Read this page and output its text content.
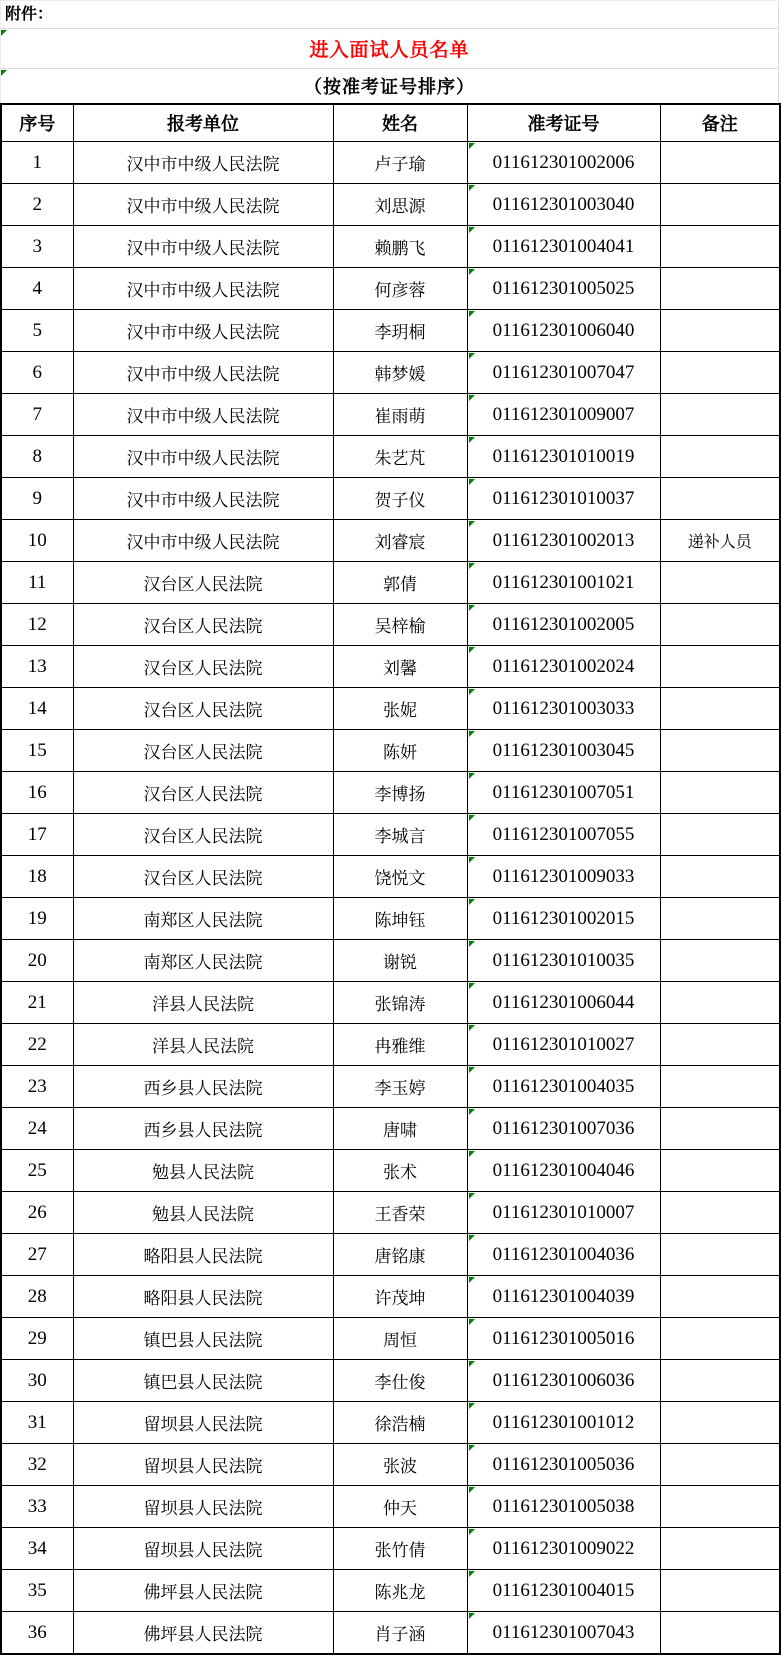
附件：
进入面试人员名单
（按准考证号排序）
序号	报考单位	姓名	准考证号	备注
1	汉中市中级人民法院	卢子瑜	011612301002006	
2	汉中市中级人民法院	刘思源	011612301003040	
3	汉中市中级人民法院	赖鹏飞	011612301004041	
4	汉中市中级人民法院	何彦蓉	011612301005025	
5	汉中市中级人民法院	李玥桐	011612301006040	
6	汉中市中级人民法院	韩梦媛	011612301007047	
7	汉中市中级人民法院	崔雨萌	011612301009007	
8	汉中市中级人民法院	朱艺芃	011612301010019	
9	汉中市中级人民法院	贺子仪	011612301010037	
10	汉中市中级人民法院	刘睿宸	011612301002013	递补人员
11	汉台区人民法院	郭倩	011612301001021	
12	汉台区人民法院	吴梓榆	011612301002005	
13	汉台区人民法院	刘馨	011612301002024	
14	汉台区人民法院	张妮	011612301003033	
15	汉台区人民法院	陈妍	011612301003045	
16	汉台区人民法院	李博扬	011612301007051	
17	汉台区人民法院	李城言	011612301007055	
18	汉台区人民法院	饶悦文	011612301009033	
19	南郑区人民法院	陈坤钰	011612301002015	
20	南郑区人民法院	谢锐	011612301010035	
21	洋县人民法院	张锦涛	011612301006044	
22	洋县人民法院	冉雅维	011612301010027	
23	西乡县人民法院	李玉婷	011612301004035	
24	西乡县人民法院	唐啸	011612301007036	
25	勉县人民法院	张术	011612301004046	
26	勉县人民法院	王香荣	011612301010007	
27	略阳县人民法院	唐铭康	011612301004036	
28	略阳县人民法院	许茂坤	011612301004039	
29	镇巴县人民法院	周恒	011612301005016	
30	镇巴县人民法院	李仕俊	011612301006036	
31	留坝县人民法院	徐浩楠	011612301001012	
32	留坝县人民法院	张波	011612301005036	
33	留坝县人民法院	仲天	011612301005038	
34	留坝县人民法院	张竹倩	011612301009022	
35	佛坪县人民法院	陈兆龙	011612301004015	
36	佛坪县人民法院	肖子涵	011612301007043	
